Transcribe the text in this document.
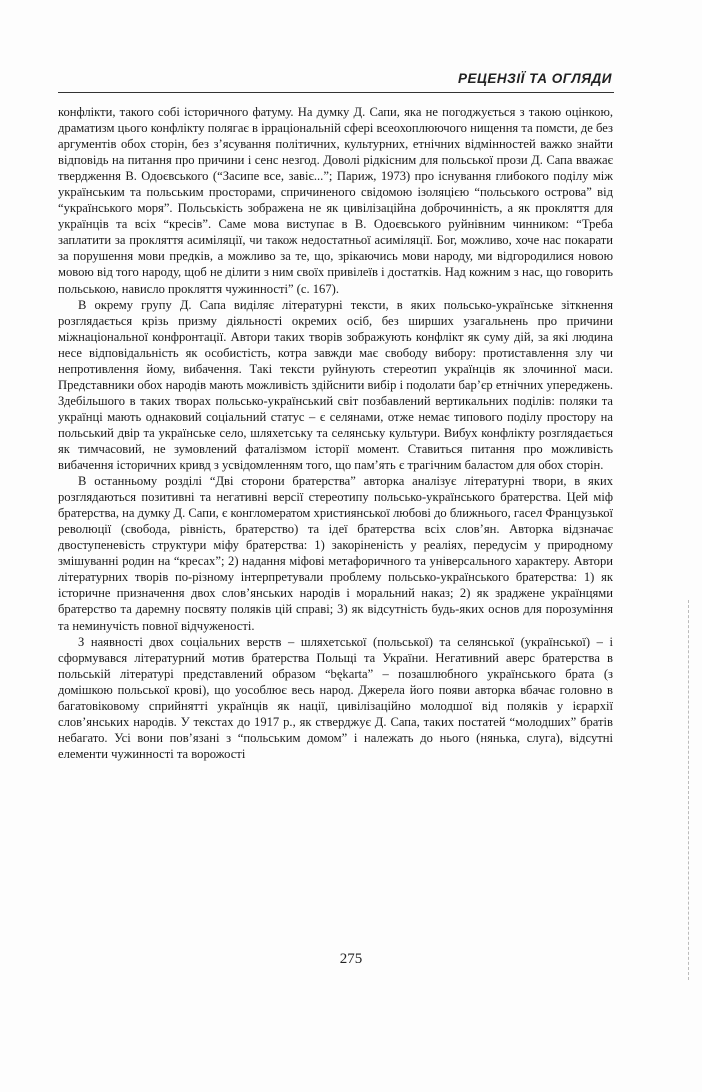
РЕЦЕНЗІЇ ТА ОГЛЯДИ

конфлікти, такого собі історичного фатуму. На думку Д. Сапи, яка не погоджується з такою оцінкою, драматизм цього конфлікту полягає в ірраціональній сфері всеохоплюючого нищення та помсти, де без аргументів обох сторін, без з’ясування політичних, культурних, етнічних відмінностей важко знайти відповідь на питання про причини і сенс незгод. Доволі рідкісним для польської прози Д. Сапа вважає твердження В. Одоєвського (“Засипе все, завіє...”; Париж, 1973) про існування глибокого поділу між українським та польським просторами, спричиненого свідомою ізоляцією “польського острова” від “українського моря”. Польськість зображена не як цивілізаційна доброчинність, а як прокляття для українців та всіх “кресів”. Саме мова виступає в В. Одоєвського руйнівним чинником: “Треба заплатити за прокляття асиміляції, чи також недостатньої асиміляції. Бог, можливо, хоче нас покарати за порушення мови предків, а можливо за те, що, зрікаючись мови народу, ми відгородилися новою мовою від того народу, щоб не ділити з ним своїх привілеїв і достатків. Над кожним з нас, що говорить польською, нависло прокляття чужинності” (с. 167).

В окрему групу Д. Сапа виділяє літературні тексти, в яких польсько-українське зіткнення розглядається крізь призму діяльності окремих осіб, без ширших узагальнень про причини міжнаціональної конфронтації. Автори таких творів зображують конфлікт як суму дій, за які людина несе відповідальність як особистість, котра завжди має свободу вибору: протиставлення злу чи непротивлення йому, вибачення. Такі тексти руйнують стереотип українців як злочинної маси. Представники обох народів мають можливість здійснити вибір і подолати бар’єр етнічних упереджень. Здебільшого в таких творах польсько-український світ позбавлений вертикальних поділів: поляки та українці мають однаковий соціальний статус – є селянами, отже немає типового поділу простору на польський двір та українське село, шляхетську та селянську культури. Вибух конфлікту розглядається як тимчасовий, не зумовлений фаталізмом історії момент. Ставиться питання про можливість вибачення історичних кривд з усвідомленням того, що пам’ять є трагічним баластом для обох сторін.

В останньому розділі “Дві сторони братерства” авторка аналізує літературні твори, в яких розглядаються позитивні та негативні версії стереотипу польсько-українського братерства. Цей міф братерства, на думку Д. Сапи, є конгломератом християнської любові до ближнього, гасел Французької революції (свобода, рівність, братерство) та ідеї братерства всіх слов’ян. Авторка відзначає двоступеневість структури міфу братерства: 1) закоріненість у реаліях, передусім у природному змішуванні родин на “кресах”; 2) надання міфові метафоричного та універсального характеру. Автори літературних творів по-різному інтерпретували проблему польсько-українського братерства: 1) як історичне призначення двох слов’янських народів і моральний наказ; 2) як зраджене українцями братерство та даремну посвяту поляків цій справі; 3) як відсутність будь-яких основ для порозуміння та неминучість повної відчуженості.

З наявності двох соціальних верств – шляхетської (польської) та селянської (української) – і сформувався літературний мотив братерства Польщі та України. Негативний аверс братерства в польській літературі представлений образом “bękarta” – позашлюбного українського брата (з домішкою польської крові), що уособлює весь народ. Джерела його появи авторка вбачає головно в багатовіковому сприйнятті українців як нації, цивілізаційно молодшої від поляків у ієрархії слов’янських народів. У текстах до 1917 р., як стверджує Д. Сапа, таких постатей “молодших” братів небагато. Усі вони пов’язані з “польським домом” і належать до нього (нянька, слуга), відсутні елементи чужинності та ворожості

275
